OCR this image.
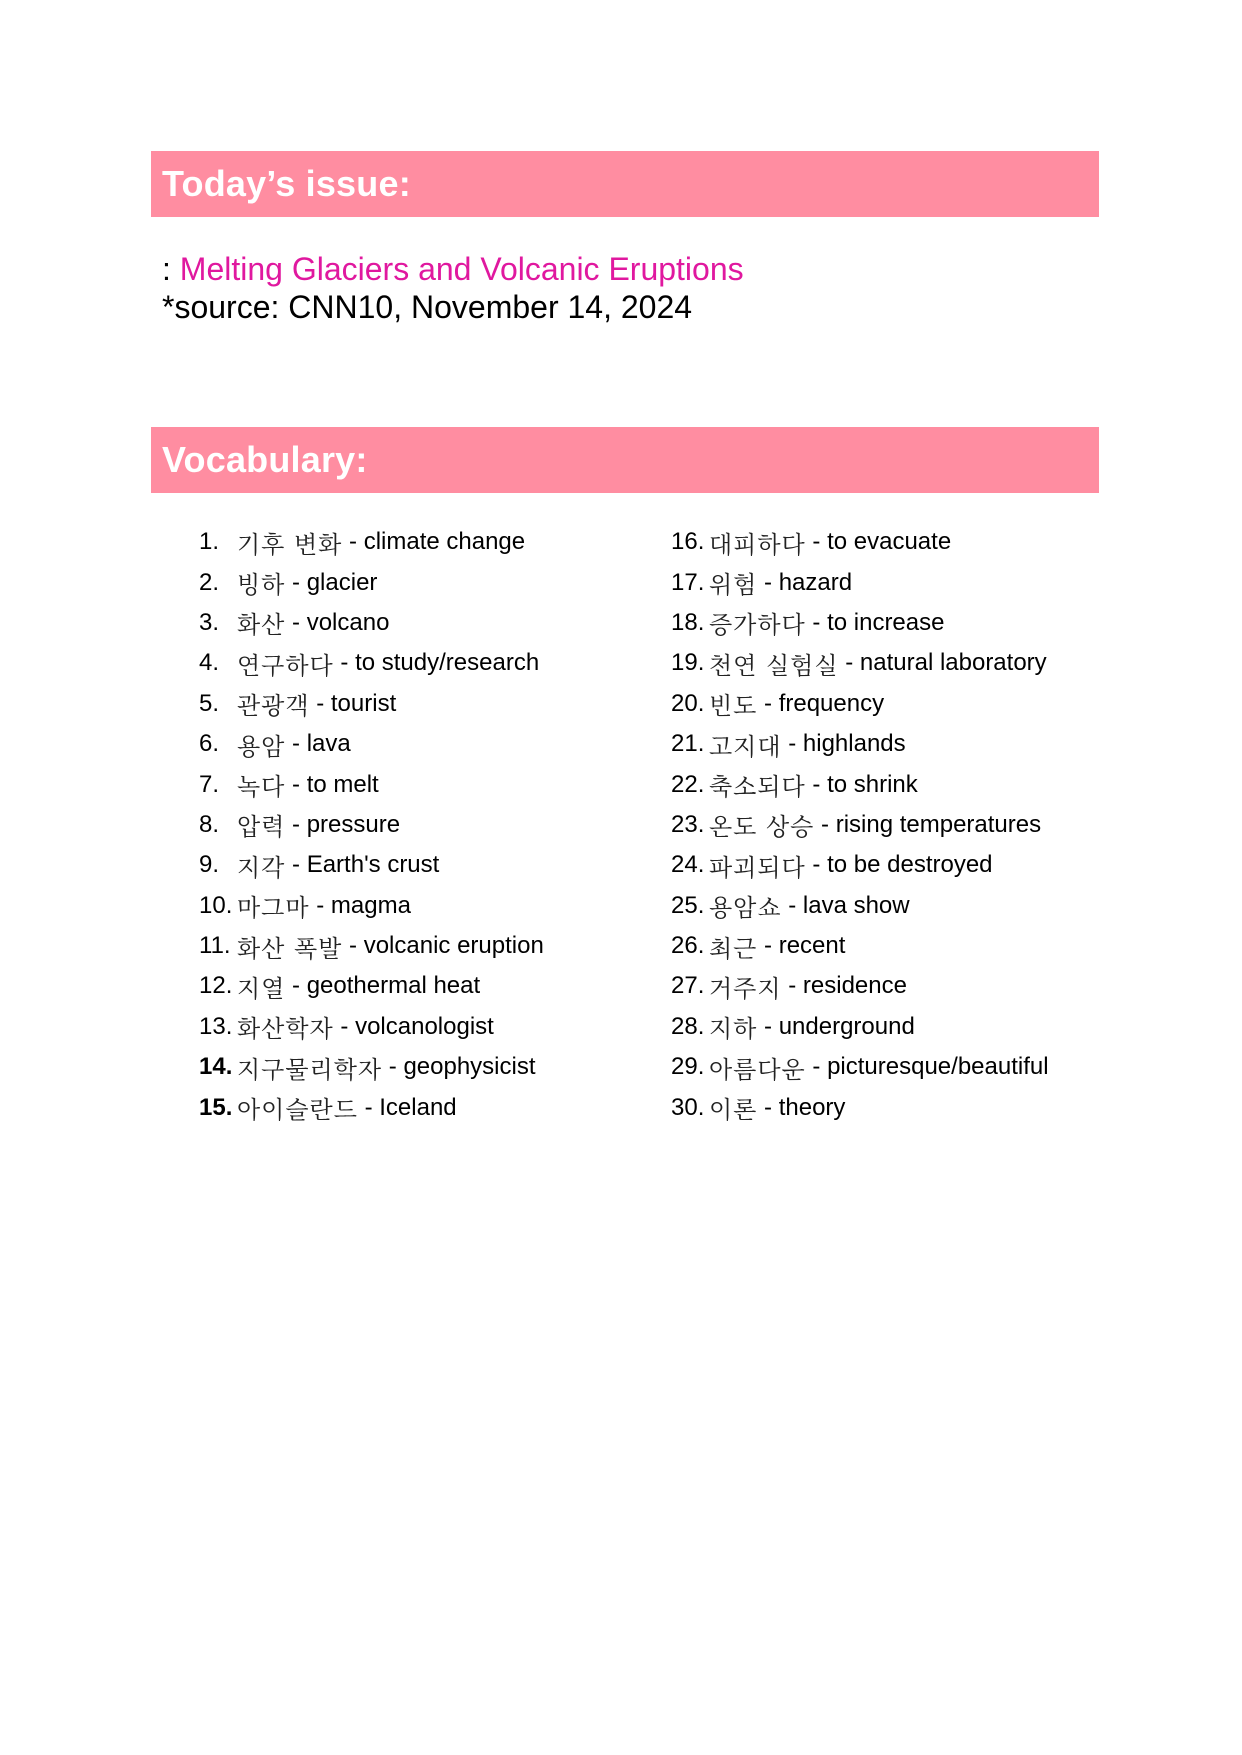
Today’s issue:
: Melting Glaciers and Volcanic Eruptions
*source: CNN10, November 14, 2024
Vocabulary:
1. 기후 변화 - climate change
2. 빙하 - glacier
3. 화산 - volcano
4. 연구하다 - to study/research
5. 관광객 - tourist
6. 용암 - lava
7. 녹다 - to melt
8. 압력 - pressure
9. 지각 - Earth's crust
10. 마그마 - magma
11. 화산 폭발 - volcanic eruption
12. 지열 - geothermal heat
13. 화산학자 - volcanologist
14. 지구물리학자 - geophysicist
15. 아이슬란드 - Iceland
16. 대피하다 - to evacuate
17. 위험 - hazard
18. 증가하다 - to increase
19. 천연 실험실 - natural laboratory
20. 빈도 - frequency
21. 고지대 - highlands
22. 축소되다 - to shrink
23. 온도 상승 - rising temperatures
24. 파괴되다 - to be destroyed
25. 용암쇼 - lava show
26. 최근 - recent
27. 거주지 - residence
28. 지하 - underground
29. 아름다운 - picturesque/beautiful
30. 이론 - theory
